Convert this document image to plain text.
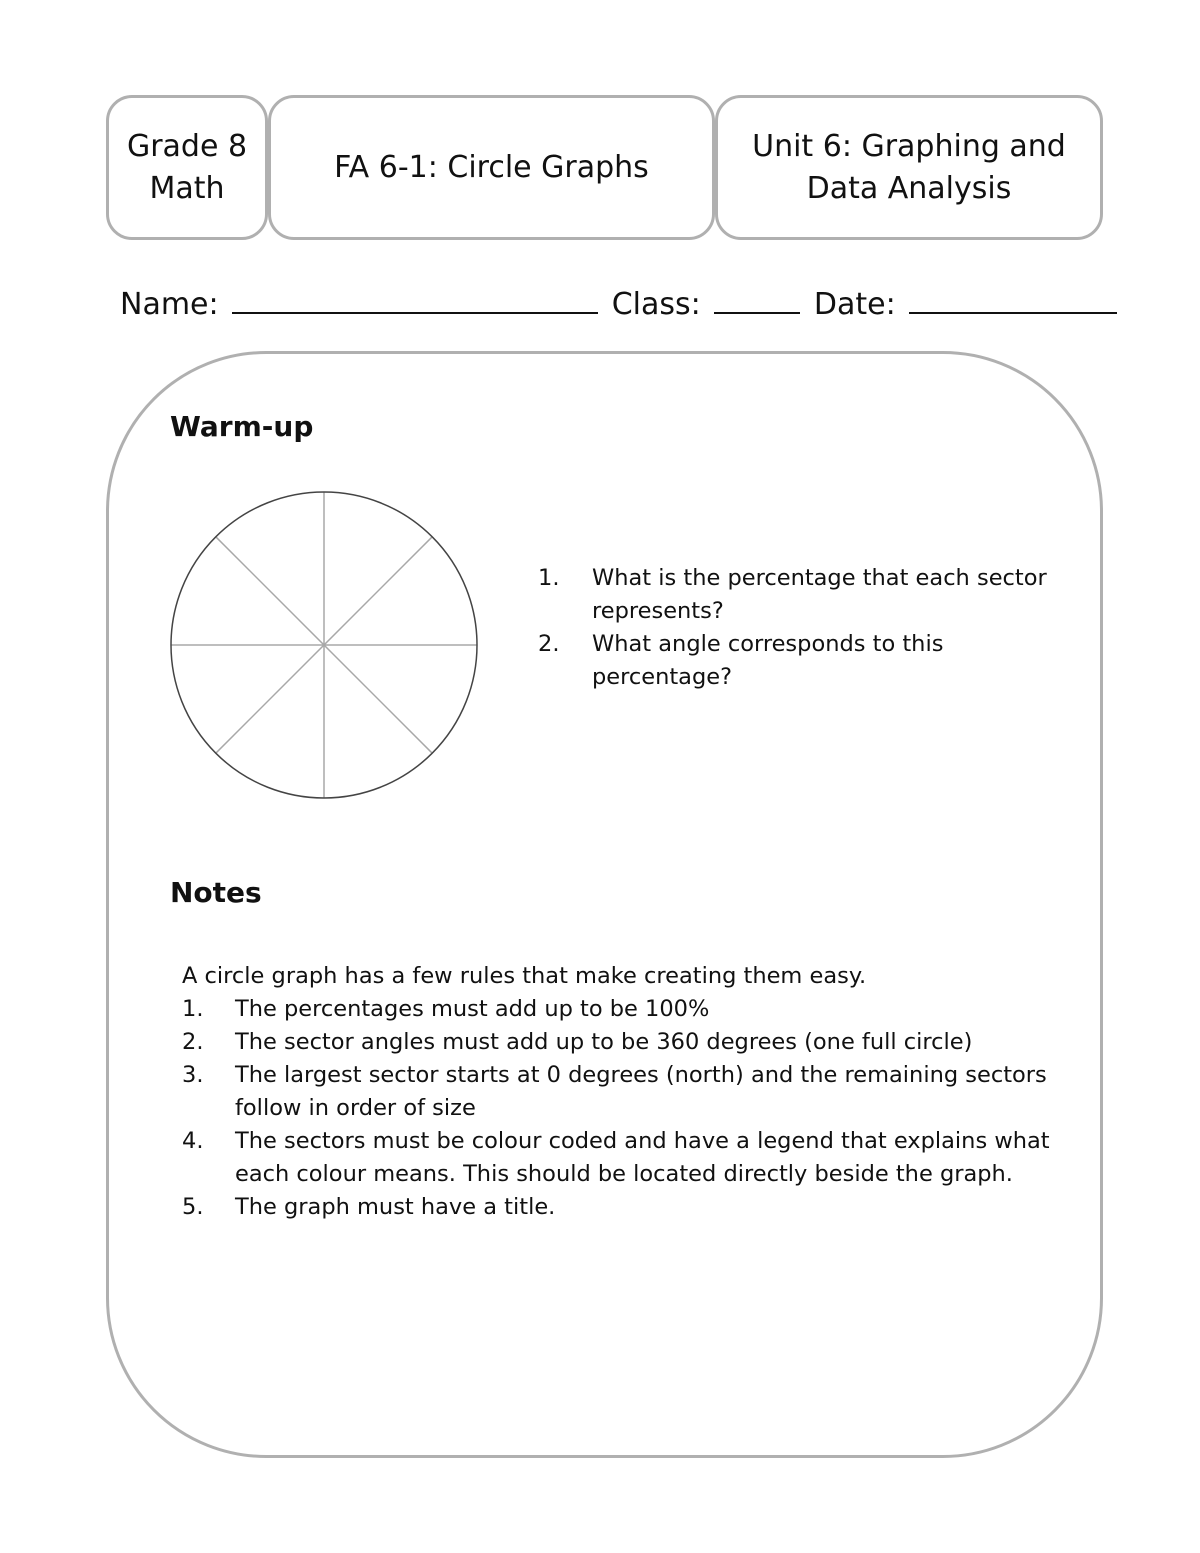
Grade 8
Math
FA 6-1: Circle Graphs
Unit 6: Graphing and
Data Analysis
Name:	Class:	Date:
Warm-up
1. What is the percentage that each sector represents?
2. What angle corresponds to this percentage?
Notes
A circle graph has a few rules that make creating them easy.
1. The percentages must add up to be 100%
2. The sector angles must add up to be 360 degrees (one full circle)
3. The largest sector starts at 0 degrees (north) and the remaining sectors follow in order of size
4. The sectors must be colour coded and have a legend that explains what each colour means. This should be located directly beside the graph.
5. The graph must have a title.
